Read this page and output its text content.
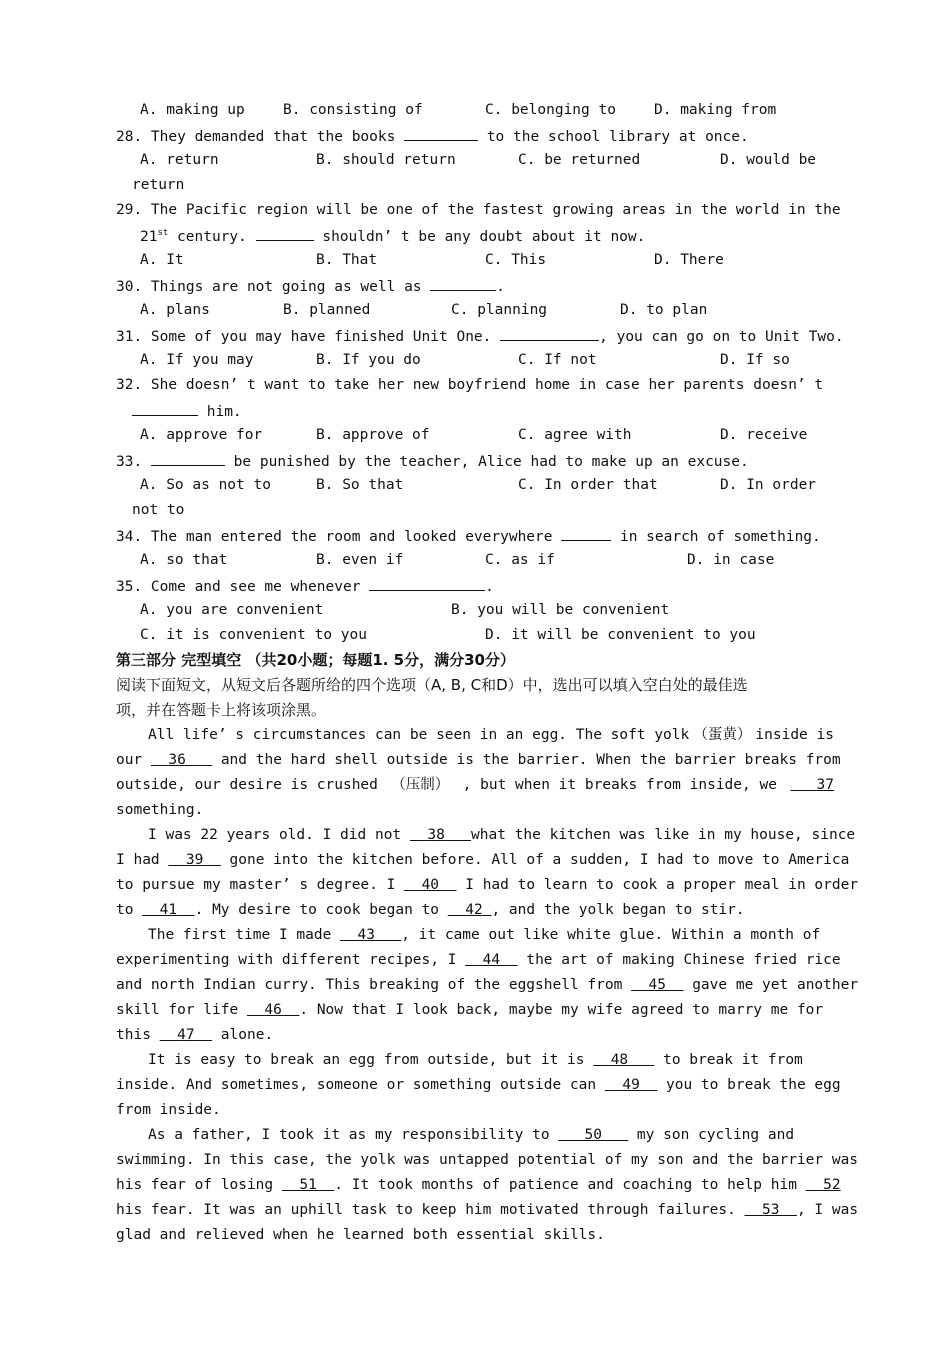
A. making up	B. consisting of	C. belonging to	D. making from
28. They demanded that the books	to the school library at once.
A. return	B. should return	C. be returned	D. would be
return
29. The Pacific region will be one of the fastest growing areas in the world in the
21st century.	shouldn’ t be any doubt about it now.
A. It	B. That	C. This	D. There
30. Things are not going as well as	.
A. plans	B. planned	C. planning	D. to plan
31. Some of you may have finished Unit One.	, you can go on to Unit Two.
A. If you may	B. If you do	C. If not	D. If so
32. She doesn’ t want to take her new boyfriend home in case her parents doesn’ t
him.
A. approve for	B. approve of	C. agree with	D. receive
33.	be punished by the teacher, Alice had to make up an excuse.
A. So as not to	B. So that	C. In order that	D. In order
not to
34. The man entered the room and looked everywhere	in search of something.
A. so that	B. even if	C. as if	D. in case
35. Come and see me whenever	.
A. you are convenient	B. you will be convenient
C. it is convenient to you	D. it will be convenient to you
第三部分 完型填空 （共20小题；每题1. 5分，满分30分）
阅读下面短文，从短文后各题所给的四个选项（A, B, C和D）中，选出可以填入空白处的最佳选
项，并在答题卡上将该项涂黑。
All life’ s circumstances can be seen in an egg. The soft yolk （蛋黄） inside is
our 36 and the hard shell outside is the barrier. When the barrier breaks from
outside, our desire is crushed （压制） , but when it breaks from inside, we	37
something.
I was 22 years old. I did not 38 what the kitchen was like in my house, since
I had 39 gone into the kitchen before. All of a sudden, I had to move to America
to pursue my master’ s degree. I 40 I had to learn to cook a proper meal in order
to 41 . My desire to cook began to 42 , and the yolk began to stir.
The first time I made 43 , it came out like white glue. Within a month of
experimenting with different recipes, I 44 the art of making Chinese fried rice
and north Indian curry. This breaking of the eggshell from 45 gave me yet another
skill for life 46 . Now that I look back, maybe my wife agreed to marry me for
this 47 alone.
It is easy to break an egg from outside, but it is 48 to break it from
inside. And sometimes, someone or something outside can 49 you to break the egg
from inside.
As a father, I took it as my responsibility to 50 my son cycling and
swimming. In this case, the yolk was untapped potential of my son and the barrier was
his fear of losing 51 . It took months of patience and coaching to help him 52
his fear. It was an uphill task to keep him motivated through failures. 53 , I was
glad and relieved when he learned both essential skills.
